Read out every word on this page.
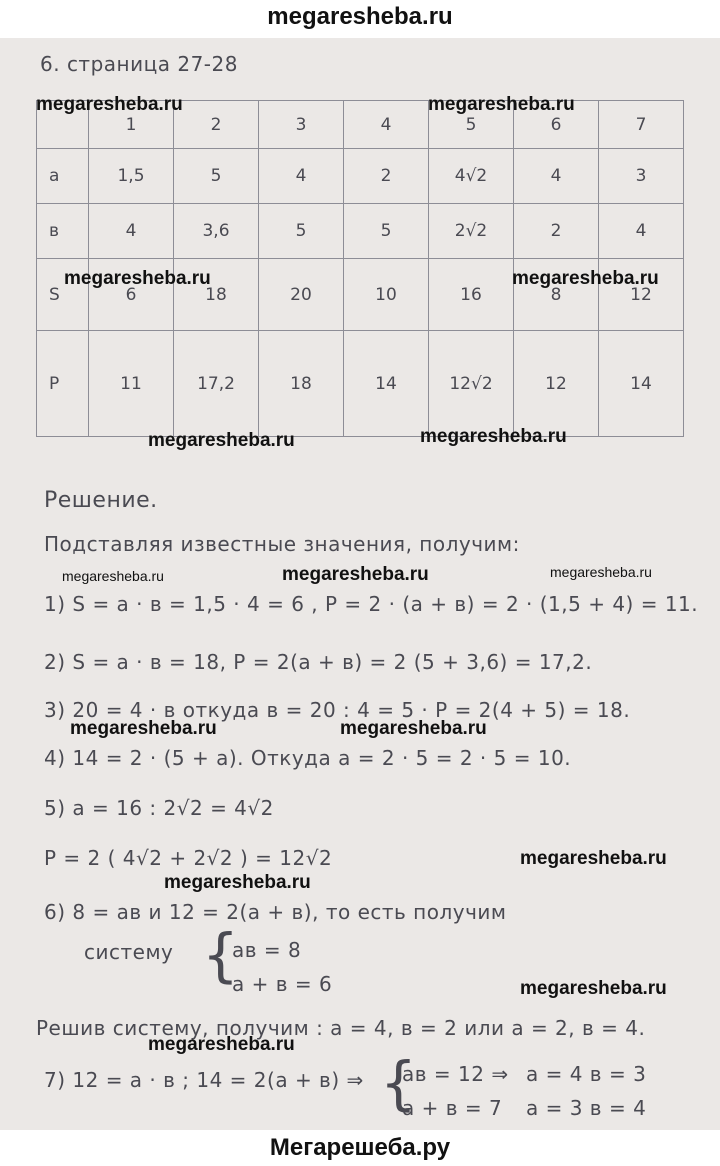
megaresheba.ru
6. страница 27-28
	1	2	3	4	5	6	7
a	1,5	5	4	2	4√2	4	3
в	4	3,6	5	5	2√2	2	4
S	6	18	20	10	16	8	12
P	11	17,2	18	14	12√2	12	14
Решение.
Подставляя известные значения, получим:
1) S = a · в = 1,5 · 4 = 6 , P = 2 · (a + в) = 2 · (1,5 + 4) = 11.
2) S = a · в = 18, P = 2(a + в) = 2 (5 + 3,6) = 17,2.
3) 20 = 4 · в откуда в = 20 : 4 = 5 · P = 2(4 + 5) = 18.
4) 14 = 2 · (5 + a). Откуда a = 2 · 5 = 2 · 5 = 10.
5) a = 16 : 2√2 = 4√2
P = 2 ( 4√2 + 2√2 ) = 12√2
6) 8 = aв и 12 = 2(a + в), то есть получим
систему {
aв = 8
a + в = 6
Решив систему, получим : a = 4, в = 2 или a = 2, в = 4.
7) 12 = a · в ; 14 = 2(a + в) ⇒ {
aв = 12 ⇒
a + в = 7
a = 4 в = 3
a = 3 в = 4
megaresheba.ru	megaresheba.ru
megaresheba.ru	megaresheba.ru
megaresheba.ru	megaresheba.ru
megaresheba.ru	megaresheba.ru	megaresheba.ru
megaresheba.ru	megaresheba.ru
megaresheba.ru
megaresheba.ru
megaresheba.ru
megaresheba.ru
Мегарешеба.ру
